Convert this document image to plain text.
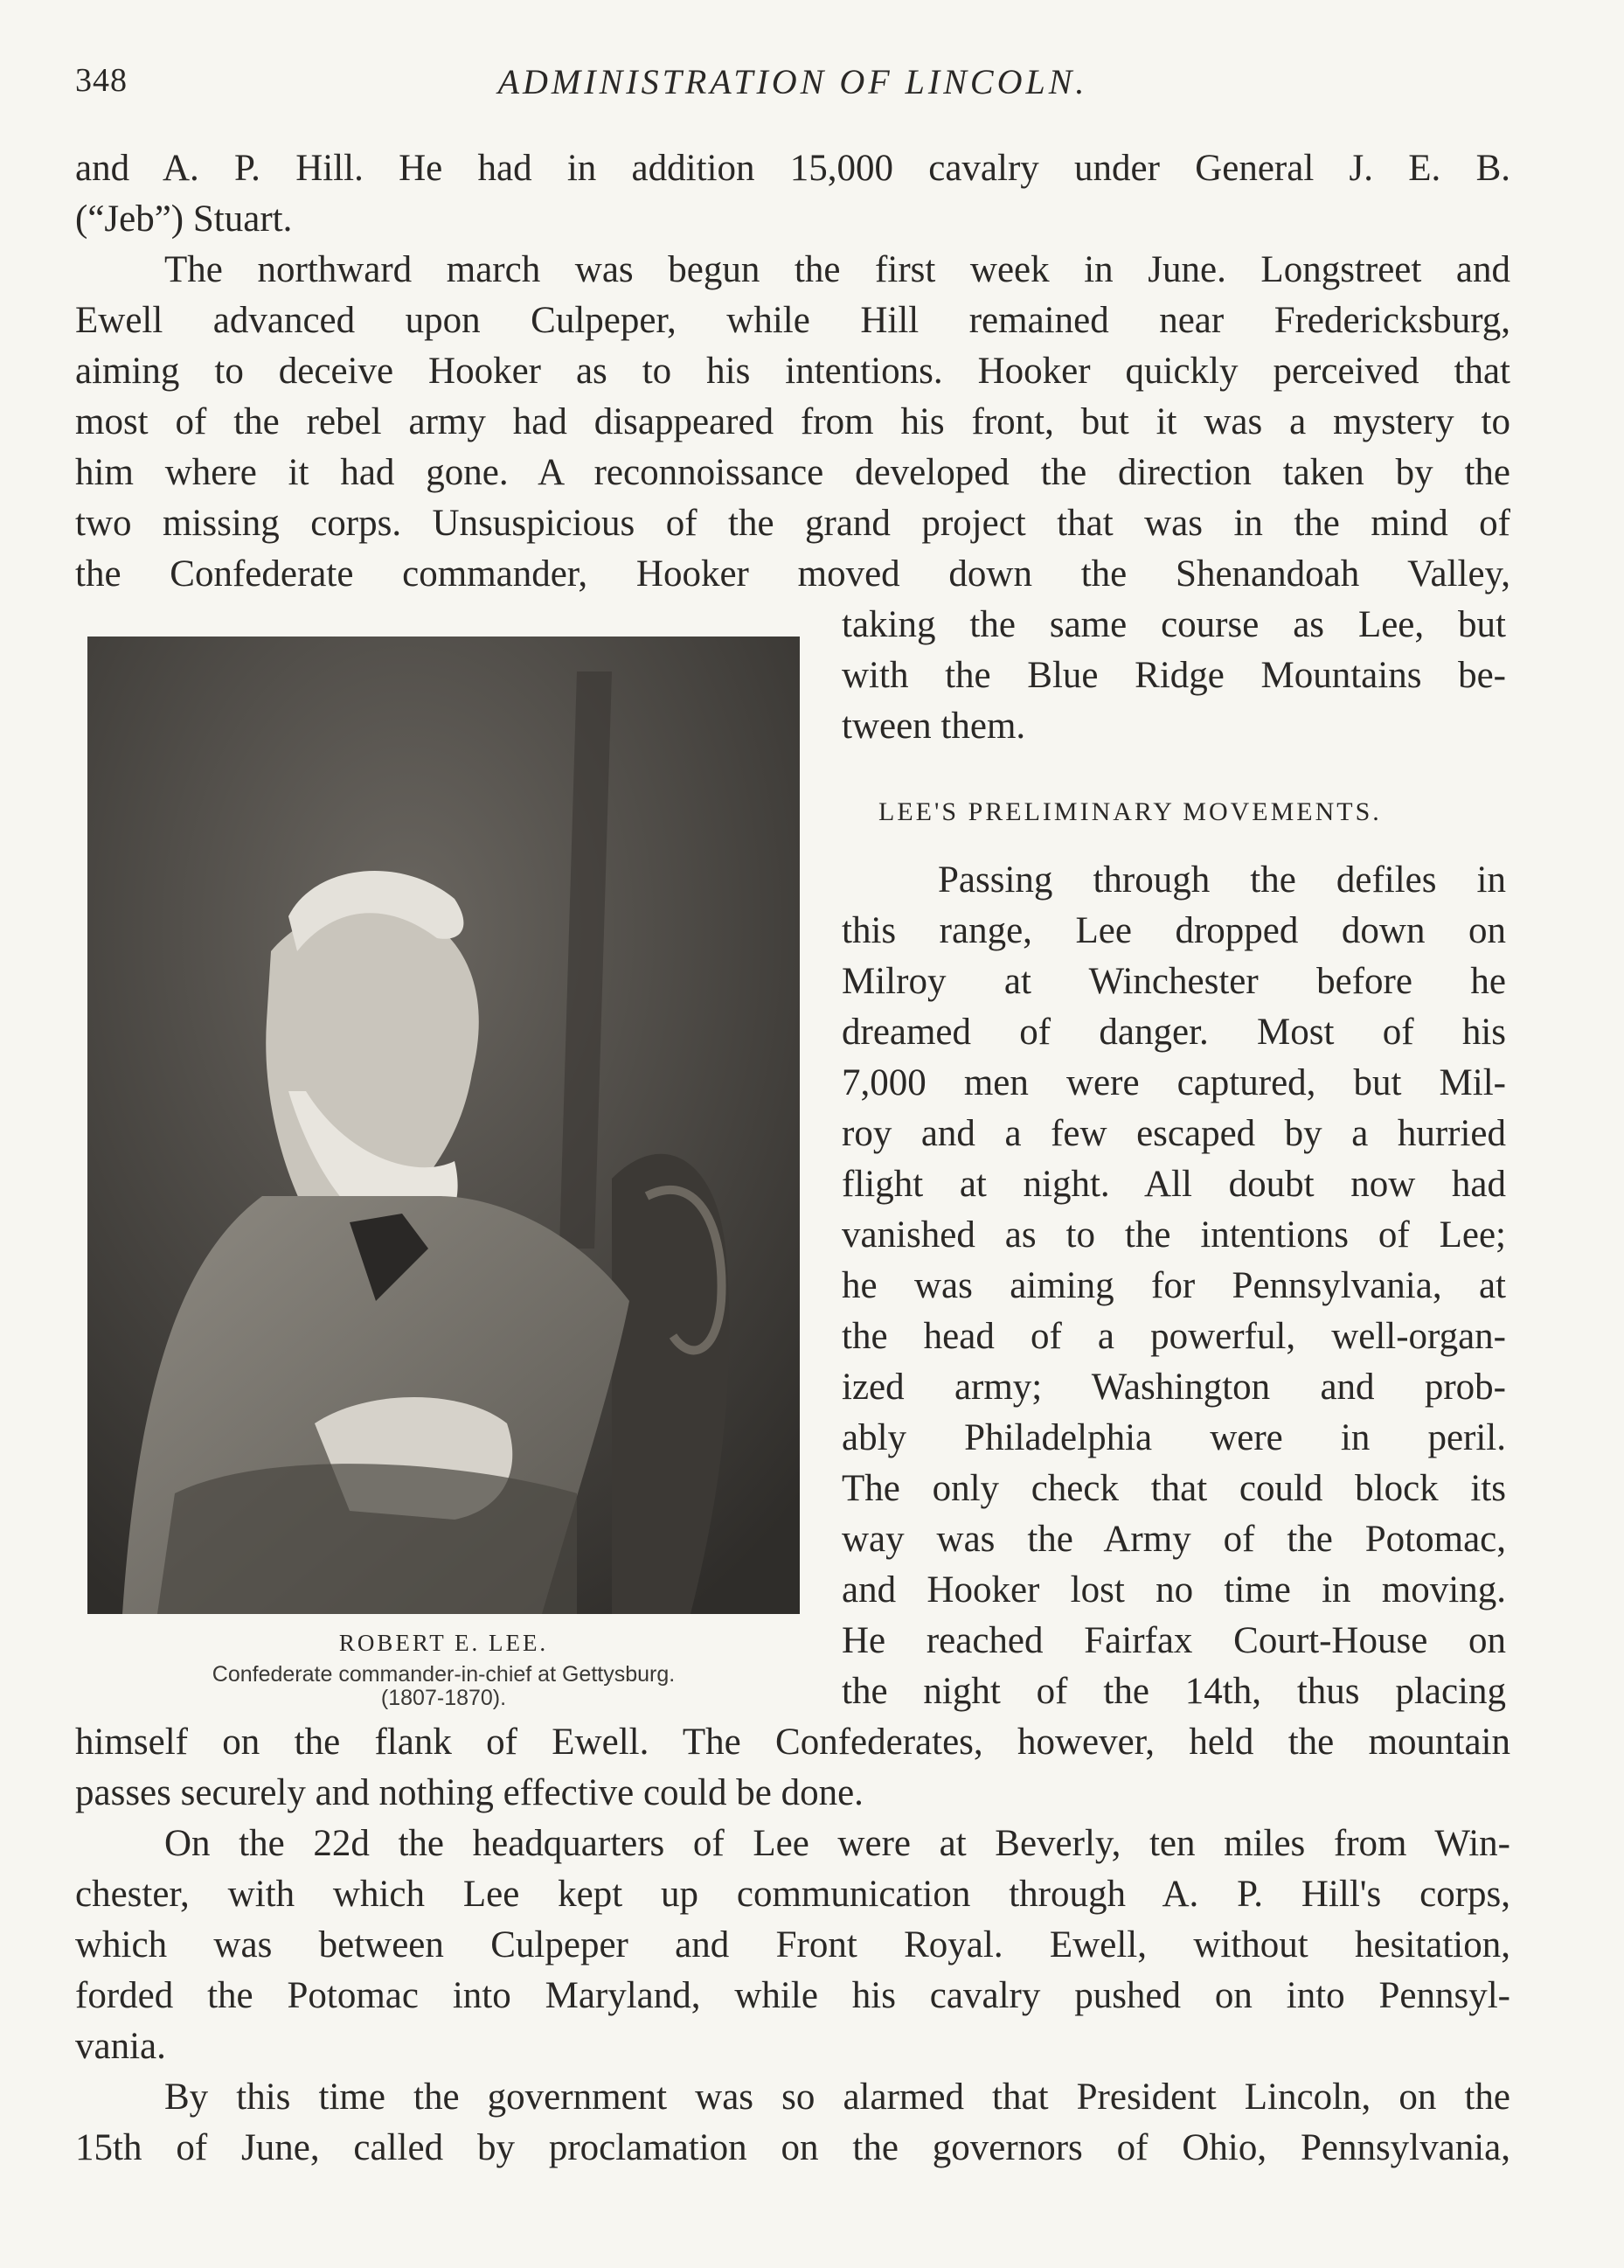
348	ADMINISTRATION OF LINCOLN.
and A. P. Hill. He had in addition 15,000 cavalry under General J. E. B.
(“Jeb”) Stuart.
The northward march was begun the first week in June. Longstreet and
Ewell advanced upon Culpeper, while Hill remained near Fredericksburg,
aiming to deceive Hooker as to his intentions. Hooker quickly perceived that
most of the rebel army had disappeared from his front, but it was a mystery to
him where it had gone. A reconnoissance developed the direction taken by the
two missing corps. Unsuspicious of the grand project that was in the mind of
the Confederate commander, Hooker moved down the Shenandoah Valley,
taking the same course as Lee, but
with the Blue Ridge Mountains be-
tween them.
LEE'S PRELIMINARY MOVEMENTS.
Passing through the defiles in
this range, Lee dropped down on
Milroy at Winchester before he
dreamed of danger. Most of his
7,000 men were captured, but Mil-
roy and a few escaped by a hurried
flight at night. All doubt now had
vanished as to the intentions of Lee;
he was aiming for Pennsylvania, at
the head of a powerful, well-organ-
ized army; Washington and prob-
ably Philadelphia were in peril.
The only check that could block its
way was the Army of the Potomac,
and Hooker lost no time in moving.
He reached Fairfax Court-House on
the night of the 14th, thus placing
himself on the flank of Ewell. The Confederates, however, held the mountain
passes securely and nothing effective could be done.
On the 22d the headquarters of Lee were at Beverly, ten miles from Win-
chester, with which Lee kept up communication through A. P. Hill's corps,
which was between Culpeper and Front Royal. Ewell, without hesitation,
forded the Potomac into Maryland, while his cavalry pushed on into Pennsyl-
vania.
By this time the government was so alarmed that President Lincoln, on the
15th of June, called by proclamation on the governors of Ohio, Pennsylvania,
ROBERT E. LEE.
Confederate commander-in-chief at Gettysburg.
(1807-1870).
